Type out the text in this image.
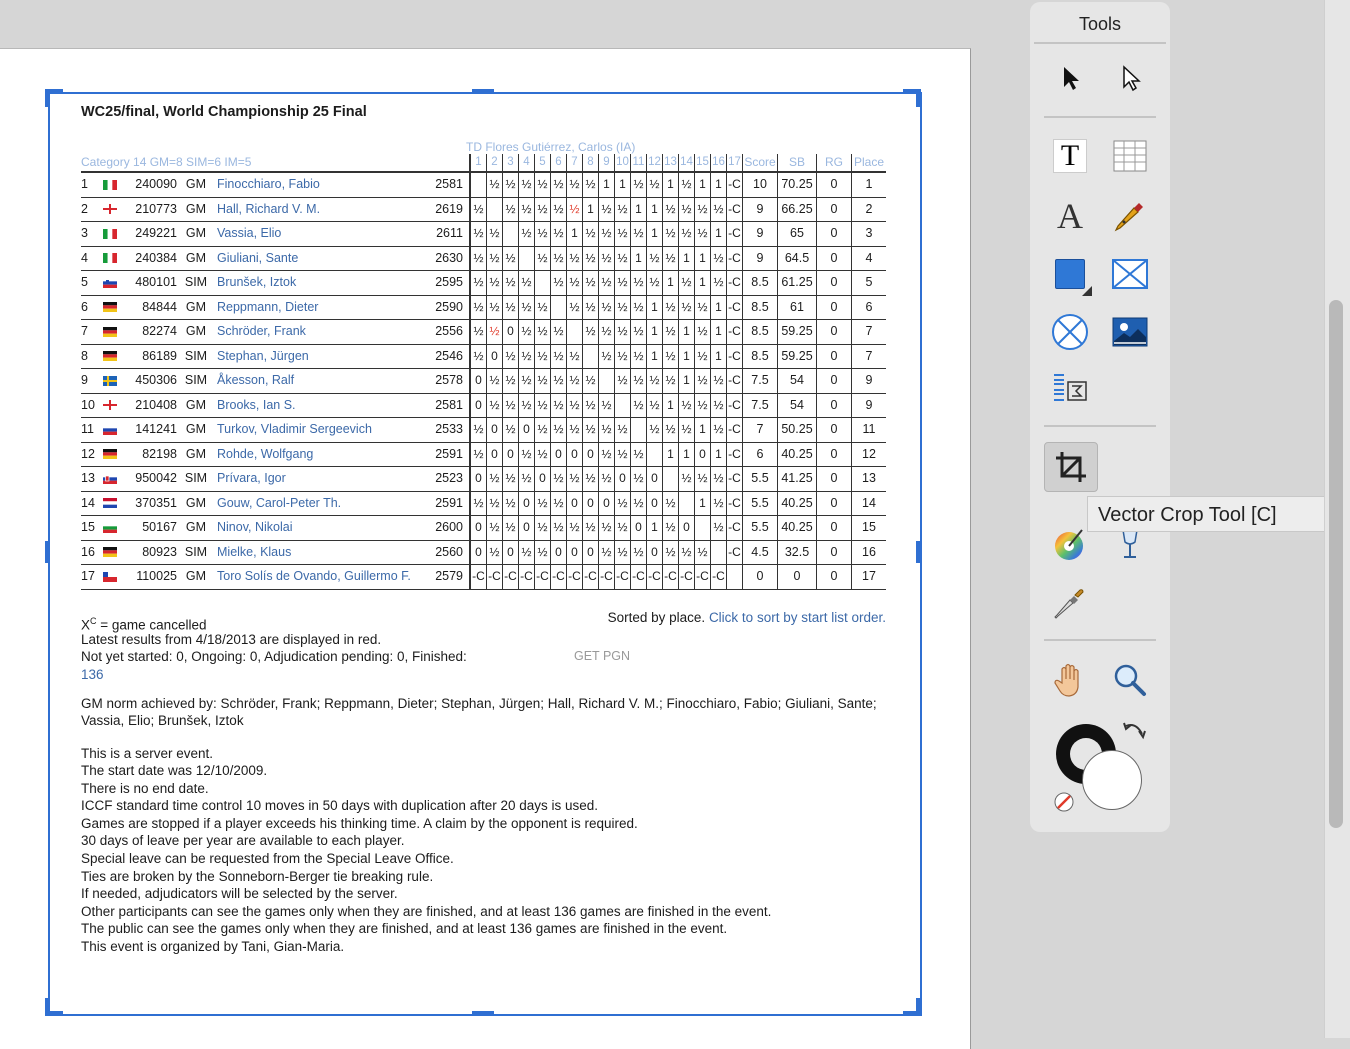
WC25/final, World Championship 25 Final
TD Flores Gutiérrez, Carlos (IA)
Category 14 GM=8 SIM=6 IM=5						1	2	3	4	5	6	7	8	9	10	11	12	13	14	15	16	17	Score	SB	RG	Place
1		240090	GM	Finocchiaro, Fabio	2581		½	½	½	½	½	½	½	1	1	½	½	1	½	1	1	-C	10	70.25	0	1
2		210773	GM	Hall, Richard V. M.	2619	½		½	½	½	½	½	1	½	½	1	1	½	½	½	½	-C	9	66.25	0	2
3		249221	GM	Vassia, Elio	2611	½	½		½	½	½	1	½	½	½	½	1	½	½	½	1	-C	9	65	0	3
4		240384	GM	Giuliani, Sante	2630	½	½	½		½	½	½	½	½	½	1	½	½	1	1	½	-C	9	64.5	0	4
5		480101	SIM	Brunšek, Iztok	2595	½	½	½	½		½	½	½	½	½	½	½	1	½	1	½	-C	8.5	61.25	0	5
6		84844	GM	Reppmann, Dieter	2590	½	½	½	½	½		½	½	½	½	½	1	½	½	½	1	-C	8.5	61	0	6
7		82274	GM	Schröder, Frank	2556	½	½	0	½	½	½		½	½	½	½	1	½	1	½	1	-C	8.5	59.25	0	7
8		86189	SIM	Stephan, Jürgen	2546	½	0	½	½	½	½	½		½	½	½	1	½	1	½	1	-C	8.5	59.25	0	7
9		450306	SIM	Åkesson, Ralf	2578	0	½	½	½	½	½	½	½		½	½	½	½	1	½	½	-C	7.5	54	0	9
10		210408	GM	Brooks, Ian S.	2581	0	½	½	½	½	½	½	½	½		½	½	1	½	½	½	-C	7.5	54	0	9
11		141241	GM	Turkov, Vladimir Sergeevich	2533	½	0	½	0	½	½	½	½	½	½		½	½	½	1	½	-C	7	50.25	0	11
12		82198	GM	Rohde, Wolfgang	2591	½	0	0	½	½	0	0	0	½	½	½		1	1	0	1	-C	6	40.25	0	12
13		950042	SIM	Prívara, Igor	2523	0	½	½	½	0	½	½	½	½	0	½	0		½	½	½	-C	5.5	41.25	0	13
14		370351	GM	Gouw, Carol-Peter Th.	2591	½	½	½	0	½	½	0	0	0	½	½	0	½		1	½	-C	5.5	40.25	0	14
15		50167	GM	Ninov, Nikolai	2600	0	½	½	0	½	½	½	½	½	½	0	1	½	0		½	-C	5.5	40.25	0	15
16		80923	SIM	Mielke, Klaus	2560	0	½	0	½	½	0	0	0	½	½	½	0	½	½	½		-C	4.5	32.5	0	16
17		110025	GM	Toro Solís de Ovando, Guillermo F.	2579	-C	-C	-C	-C	-C	-C	-C	-C	-C	-C	-C	-C	-C	-C	-C	-C		0	0	0	17
$X^C$ = game cancelled	Sorted by place. Click to sort by start list order.
Latest results from 4/18/2013 are displayed in red.
Not yet started: 0, Ongoing: 0, Adjudication pending: 0, Finished:	GET PGN
136
GM norm achieved by: Schröder, Frank; Reppmann, Dieter; Stephan, Jürgen; Hall, Richard V. M.; Finocchiaro, Fabio; Giuliani, Sante; Vassia, Elio; Brunšek, Iztok
This is a server event.
The start date was 12/10/2009.
There is no end date.
ICCF standard time control 10 moves in 50 days with duplication after 20 days is used.
Games are stopped if a player exceeds his thinking time. A claim by the opponent is required.
30 days of leave per year are available to each player.
Special leave can be requested from the Special Leave Office.
Ties are broken by the Sonneborn-Berger tie breaking rule.
If needed, adjudicators will be selected by the server.
Other participants can see the games only when they are finished, and at least 136 games are finished in the event.
The public can see the games only when they are finished, and at least 136 games are finished in the event.
This event is organized by Tani, Gian-Maria.
Tools
T
A
Vector Crop Tool [C]
